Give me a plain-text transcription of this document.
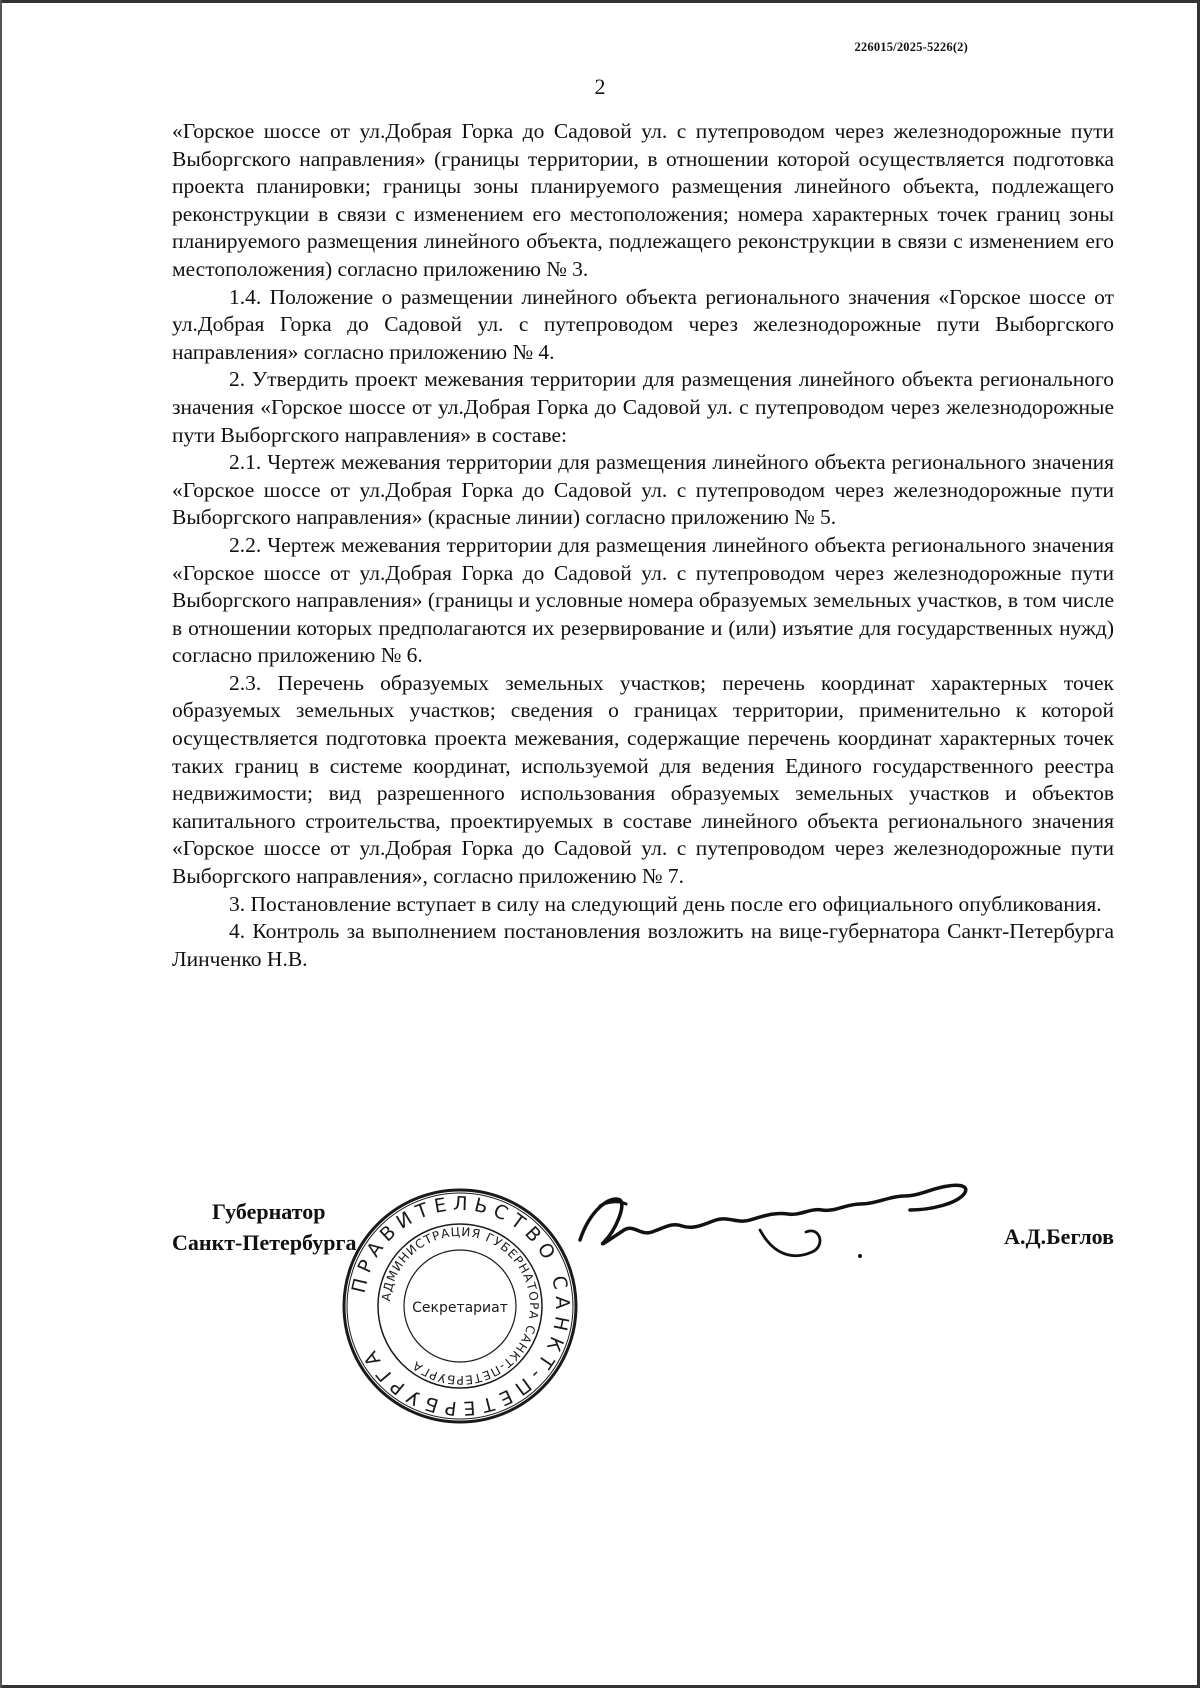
226015/2025-5226(2)
2

«Горское шоссе от ул.Добрая Горка до Садовой ул. с путепроводом через железнодорожные пути Выборгского направления» (границы территории, в отношении которой осуществляется подготовка проекта планировки; границы зоны планируемого размещения линейного объекта, подлежащего реконструкции в связи с изменением его местоположения; номера характерных точек границ зоны планируемого размещения линейного объекта, подлежащего реконструкции в связи с изменением его местоположения) согласно приложению № 3.

1.4. Положение о размещении линейного объекта регионального значения «Горское шоссе от ул.Добрая Горка до Садовой ул. с путепроводом через железнодорожные пути Выборгского направления» согласно приложению № 4.

2. Утвердить проект межевания территории для размещения линейного объекта регионального значения «Горское шоссе от ул.Добрая Горка до Садовой ул. с путепроводом через железнодорожные пути Выборгского направления» в составе:

2.1. Чертеж межевания территории для размещения линейного объекта регионального значения «Горское шоссе от ул.Добрая Горка до Садовой ул. с путепроводом через железнодорожные пути Выборгского направления» (красные линии) согласно приложению № 5.

2.2. Чертеж межевания территории для размещения линейного объекта регионального значения «Горское шоссе от ул.Добрая Горка до Садовой ул. с путепроводом через железнодорожные пути Выборгского направления» (границы и условные номера образуемых земельных участков, в том числе в отношении которых предполагаются их резервирование и (или) изъятие для государственных нужд) согласно приложению № 6.

2.3. Перечень образуемых земельных участков; перечень координат характерных точек образуемых земельных участков; сведения о границах территории, применительно к которой осуществляется подготовка проекта межевания, содержащие перечень координат характерных точек таких границ в системе координат, используемой для ведения Единого государственного реестра недвижимости; вид разрешенного использования образуемых земельных участков и объектов капитального строительства, проектируемых в составе линейного объекта регионального значения «Горское шоссе от ул.Добрая Горка до Садовой ул. с путепроводом через железнодорожные пути Выборгского направления», согласно приложению № 7.

3. Постановление вступает в силу на следующий день после его официального опубликования.

4. Контроль за выполнением постановления возложить на вице-губернатора Санкт-Петербурга Линченко Н.В.

Губернатор
Санкт-Петербурга
ПРАВИТЕЛЬСТВО САНКТ-ПЕТЕРБУРГА
АДМИНИСТРАЦИЯ ГУБЕРНАТОРА САНКТ-ПЕТЕРБУРГА
Секретариат
А.Д.Беглов
